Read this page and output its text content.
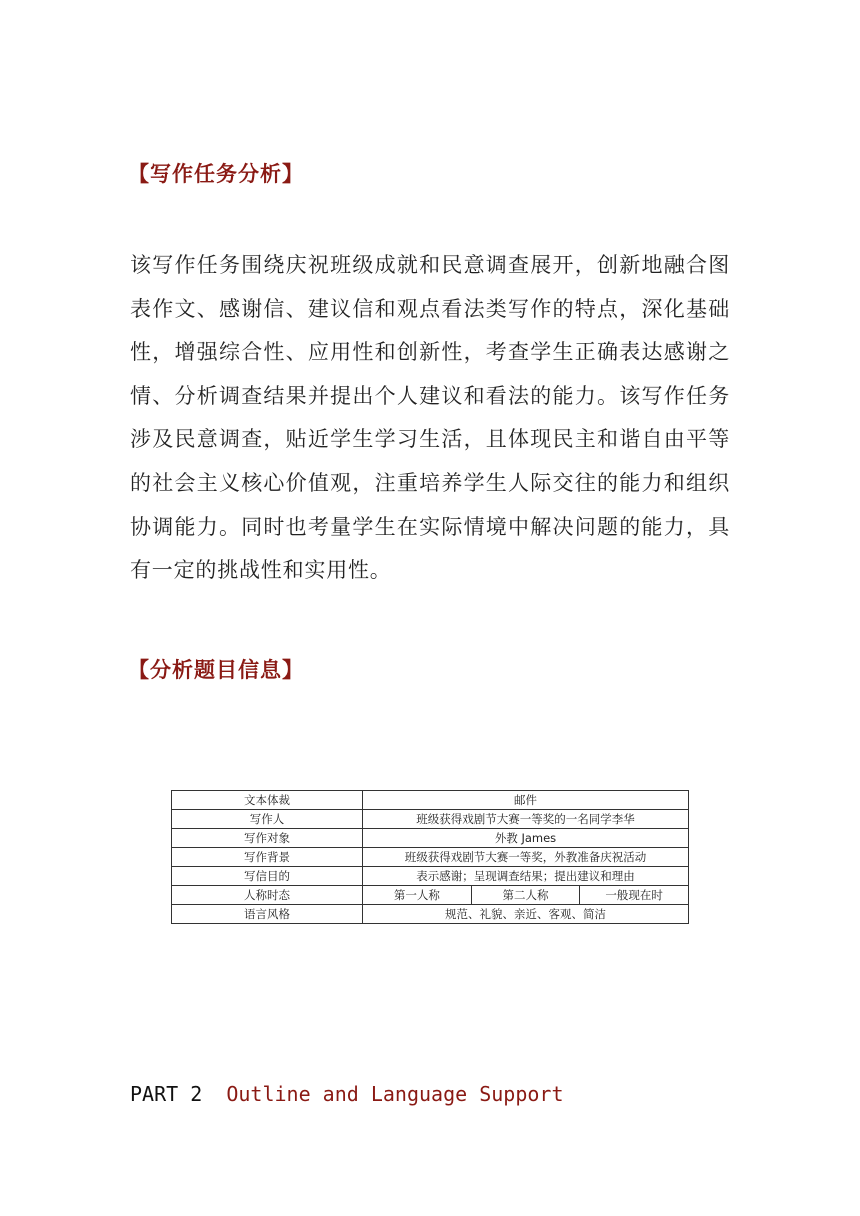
【写作任务分析】

该写作任务围绕庆祝班级成就和民意调查展开，创新地融合图表作文、感谢信、建议信和观点看法类写作的特点，深化基础性，增强综合性、应用性和创新性，考查学生正确表达感谢之情、分析调查结果并提出个人建议和看法的能力。该写作任务涉及民意调查，贴近学生学习生活，且体现民主和谐自由平等的社会主义核心价值观，注重培养学生人际交往的能力和组织协调能力。同时也考量学生在实际情境中解决问题的能力，具有一定的挑战性和实用性。

【分析题目信息】
文本体裁	邮件		
写作人	班级获得戏剧节大赛一等奖的一名同学李华		
写作对象	外教 James		
写作背景	班级获得戏剧节大赛一等奖，外教准备庆祝活动		
写信目的	表示感谢；呈现调查结果；提出建议和理由		
人称时态	第一人称	第二人称	一般现在时
语言风格	规范、礼貌、亲近、客观、简洁		
PART 2 Outline and Language Support
